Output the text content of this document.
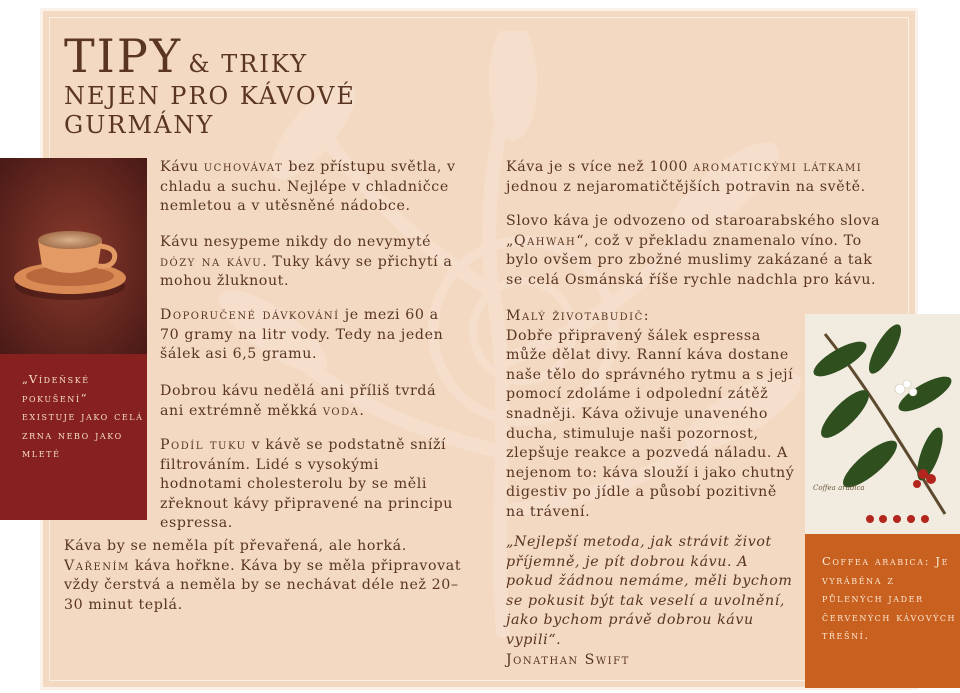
TIPY & TRIKY
NEJEN PRO KÁVOVÉ
GURMÁNY

„Vídeňské pokušení“ existuje jako celá zrna nebo jako mleté

Kávu uchovávat bez přístupu světla, v chladu a suchu. Nejlépe v chladničce nemletou a v utěsněné nádobce.
Kávu nesypeme nikdy do nevymyté dózy na kávu. Tuky kávy se přichytí a mohou žluknout.
Doporučené dávkování je mezi 60 a 70 gramy na litr vody. Tedy na jeden šálek asi 6,5 gramu.
Dobrou kávu nedělá ani příliš tvrdá ani extrémně měkká voda.
Podíl tuku v kávě se podstatně sníží filtrováním. Lidé s vysokými hodnotami cholesterolu by se měli zřeknout kávy připravené na principu espressa.
Káva by se neměla pít převařená, ale horká. Vařením káva hořkne. Káva by se měla připravovat vždy čerstvá a neměla by se nechávat déle než 20–30 minut teplá.
Káva je s více než 1000 aromatickými látkami jednou z nejaromatičtějších potravin na světě.
Slovo káva je odvozeno od staroarabského slova „Qahwah“, což v překladu znamenalo víno. To bylo ovšem pro zbožné muslimy zakázané a tak se celá Osmánská říše rychle nadchla pro kávu.
Malý životabudič:
Dobře připravený šálek espressa může dělat divy. Ranní káva dostane naše tělo do správného rytmu a s její pomocí zdoláme i odpolední zátěž snadněji. Káva oživuje unaveného ducha, stimuluje naši pozornost, zlepšuje reakce a pozvedá náladu. A nejenom to: káva slouží i jako chutný digestiv po jídle a působí pozitivně na trávení.
„Nejlepší metoda, jak strávit život příjemně, je pít dobrou kávu. A pokud žádnou nemáme, měli bychom se pokusit být tak veselí a uvolnění, jako bychom právě dobrou kávu vypili“.
Jonathan Swift
Coffea arabica

Coffea arabica: Je vyráběna z půlených jader červených kávových třešní.
